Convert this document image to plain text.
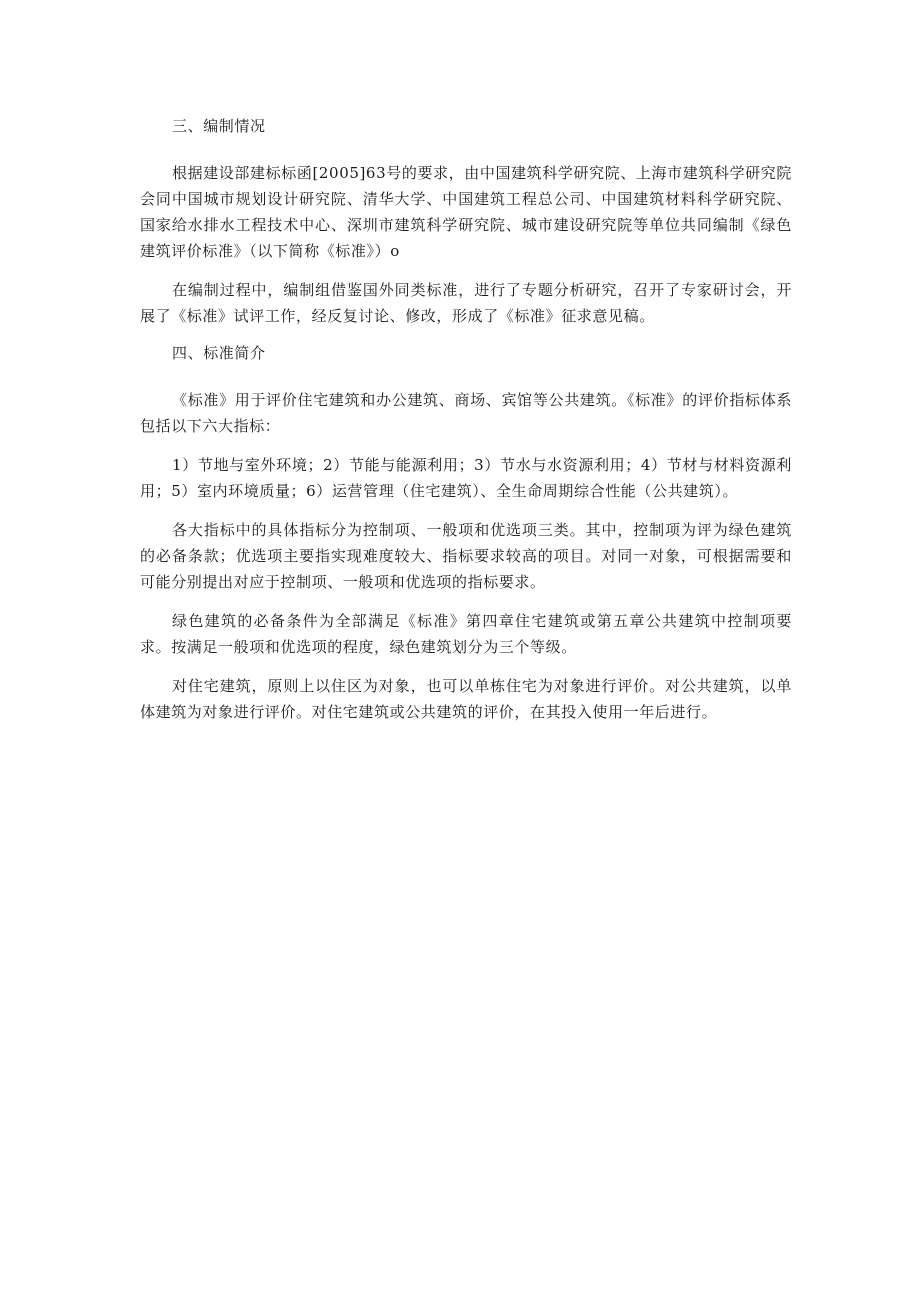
三、编制情况

根据建设部建标标函[2005]63号的要求，由中国建筑科学研究院、上海市建筑科学研究院会同中国城市规划设计研究院、清华大学、中国建筑工程总公司、中国建筑材料科学研究院、国家给水排水工程技术中心、深圳市建筑科学研究院、城市建设研究院等单位共同编制《绿色建筑评价标准》（以下简称《标准》）o

在编制过程中，编制组借鉴国外同类标准，进行了专题分析研究，召开了专家研讨会，开展了《标准》试评工作，经反复讨论、修改，形成了《标准》征求意见稿。

四、标准简介

《标准》用于评价住宅建筑和办公建筑、商场、宾馆等公共建筑。《标准》的评价指标体系包括以下六大指标：

1）节地与室外环境；2）节能与能源利用；3）节水与水资源利用；4）节材与材料资源利用；5）室内环境质量；6）运营管理（住宅建筑）、全生命周期综合性能（公共建筑）。

各大指标中的具体指标分为控制项、一般项和优选项三类。其中，控制项为评为绿色建筑的必备条款；优选项主要指实现难度较大、指标要求较高的项目。对同一对象，可根据需要和可能分别提出对应于控制项、一般项和优选项的指标要求。

绿色建筑的必备条件为全部满足《标准》第四章住宅建筑或第五章公共建筑中控制项要求。按满足一般项和优选项的程度，绿色建筑划分为三个等级。

对住宅建筑，原则上以住区为对象，也可以单栋住宅为对象进行评价。对公共建筑，以单体建筑为对象进行评价。对住宅建筑或公共建筑的评价，在其投入使用一年后进行。
